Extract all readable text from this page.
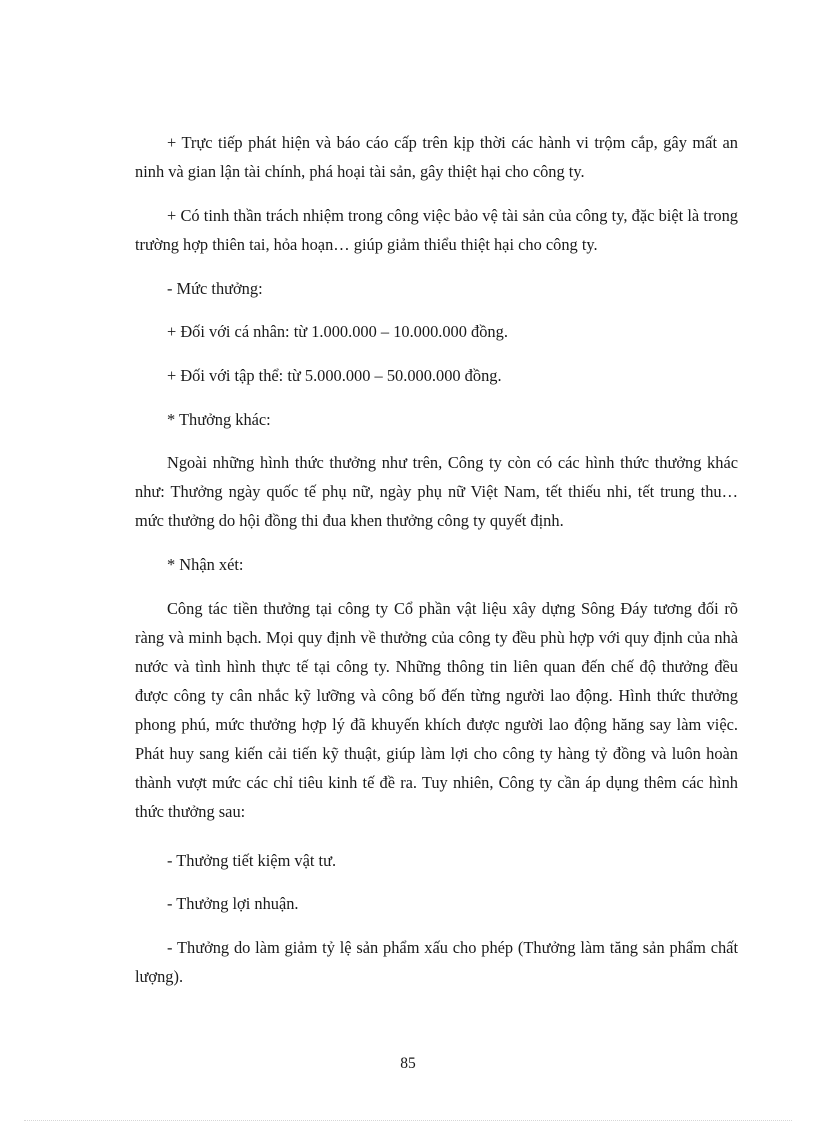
+ Trực tiếp phát hiện và báo cáo cấp trên kịp thời các hành vi trộm cắp, gây mất an ninh và gian lận tài chính, phá hoại tài sản, gây thiệt hại cho công ty.

+ Có tinh thần trách nhiệm trong công việc bảo vệ tài sản của công ty, đặc biệt là trong trường hợp thiên tai, hỏa hoạn… giúp giảm thiểu thiệt hại cho công ty.

- Mức thưởng:

+ Đối với cá nhân: từ 1.000.000 – 10.000.000 đồng.

+ Đối với tập thể: từ 5.000.000 – 50.000.000 đồng.

* Thưởng khác:

Ngoài những hình thức thưởng như trên, Công ty còn có các hình thức thưởng khác như: Thưởng ngày quốc tế phụ nữ, ngày phụ nữ Việt Nam, tết thiếu nhi, tết trung thu… mức thưởng do hội đồng thi đua khen thưởng công ty quyết định.

* Nhận xét:

Công tác tiền thưởng tại công ty Cổ phần vật liệu xây dựng Sông Đáy tương đối rõ ràng và minh bạch. Mọi quy định về thưởng của công ty đều phù hợp với quy định của nhà nước và tình hình thực tế tại công ty. Những thông tin liên quan đến chế độ thưởng đều được công ty cân nhắc kỹ lưỡng và công bố đến từng người lao động. Hình thức thưởng phong phú, mức thưởng hợp lý đã khuyến khích được người lao động hăng say làm việc. Phát huy sang kiến cải tiến kỹ thuật, giúp làm lợi cho công ty hàng tỷ đồng và luôn hoàn thành vượt mức các chỉ tiêu kinh tế đề ra. Tuy nhiên, Công ty cần áp dụng thêm các hình thức thưởng sau:

- Thưởng tiết kiệm vật tư.

- Thưởng lợi nhuận.

- Thưởng do làm giảm tỷ lệ sản phẩm xấu cho phép (Thưởng làm tăng sản phẩm chất lượng).

85
